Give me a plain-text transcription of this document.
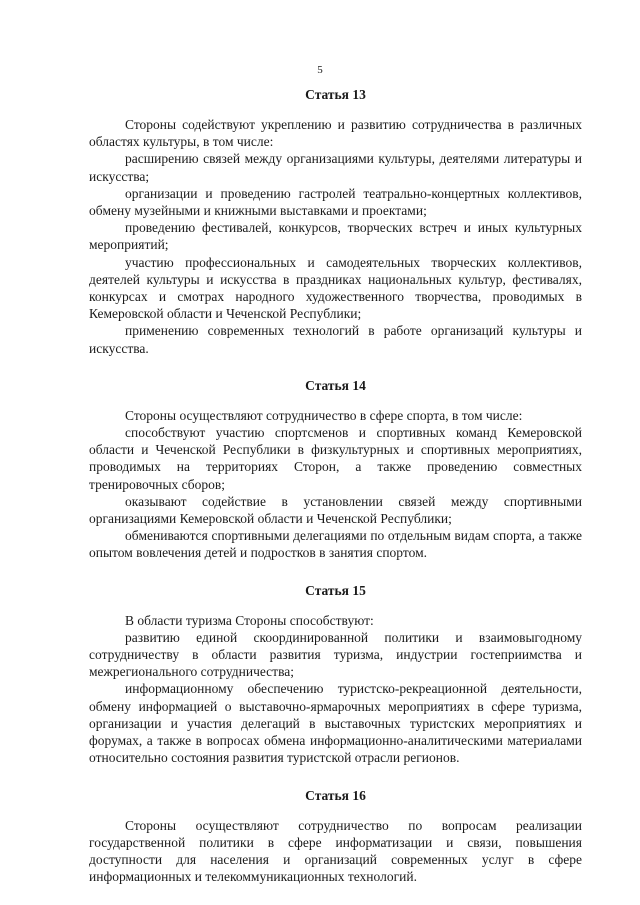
5
Статья 13

Стороны содействуют укреплению и развитию сотрудничества в различных областях культуры, в том числе:

расширению связей между организациями культуры, деятелями литературы и искусства;

организации и проведению гастролей театрально-концертных коллективов, обмену музейными и книжными выставками и проектами;

проведению фестивалей, конкурсов, творческих встреч и иных культурных мероприятий;

участию профессиональных и самодеятельных творческих коллективов, деятелей культуры и искусства в праздниках национальных культур, фестивалях, конкурсах и смотрах народного художественного творчества, проводимых в Кемеровской области и Чеченской Республики;

применению современных технологий в работе организаций культуры и искусства.

Статья 14

Стороны осуществляют сотрудничество в сфере спорта, в том числе:

способствуют участию спортсменов и спортивных команд Кемеровской области и Чеченской Республики в физкультурных и спортивных мероприятиях, проводимых на территориях Сторон, а также проведению совместных тренировочных сборов;

оказывают содействие в установлении связей между спортивными организациями Кемеровской области и Чеченской Республики;

обмениваются спортивными делегациями по отдельным видам спорта, а также опытом вовлечения детей и подростков в занятия спортом.

Статья 15

В области туризма Стороны способствуют:

развитию единой скоординированной политики и взаимовыгодному сотрудничеству в области развития туризма, индустрии гостеприимства и межрегионального сотрудничества;

информационному обеспечению туристско-рекреационной деятельности, обмену информацией о выставочно-ярмарочных мероприятиях в сфере туризма, организации и участия делегаций в выставочных туристских мероприятиях и форумах, а также в вопросах обмена информационно-аналитическими материалами относительно состояния развития туристской отрасли регионов.

Статья 16

Стороны осуществляют сотрудничество по вопросам реализации государственной политики в сфере информатизации и связи, повышения доступности для населения и организаций современных услуг в сфере информационных и телекоммуникационных технологий.
